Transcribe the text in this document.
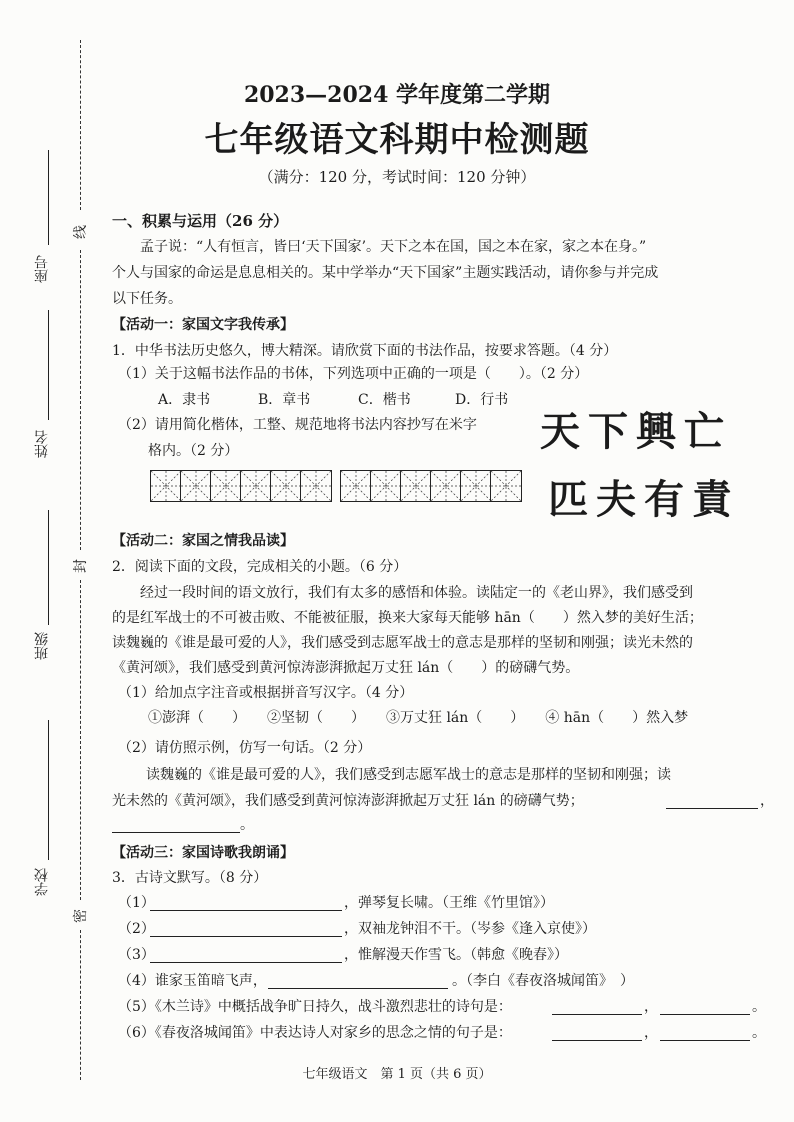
线
封
密
座号
姓名
班级
学校
2023—2024 学年度第二学期
七年级语文科期中检测题
（满分：120 分，考试时间：120 分钟）
一、积累与运用（26 分）
孟子说：“人有恒言，皆曰‘天下国家’。天下之本在国，国之本在家，家之本在身。”
个人与国家的命运是息息相关的。某中学举办“天下国家”主题实践活动，请你参与并完成
以下任务。
【活动一：家国文字我传承】
1．中华书法历史悠久，博大精深。请欣赏下面的书法作品，按要求答题。（4 分）
（1）关于这幅书法作品的书体，下列选项中正确的一项是（　　）。（2 分）
A．隶书	B．章书	C．楷书	D．行书
（2）请用简化楷体，工整、规范地将书法内容抄写在米字
格内。（2 分）	天下興亡
匹夫有責
【活动二：家国之情我品读】
2．阅读下面的文段，完成相关的小题。（6 分）
经过一段时间的语文放行，我们有太多的感悟和体验。读陆定一的《老山界》，我们感受到
的是红军战士的不可被击败、不能被征服，换来大家每天能够 hān（　　）然入梦的美好生活；
读魏巍的《谁是最可爱的人》，我们感受到志愿军战士的意志是那样的坚韧和刚强；读光未然的
《黄河颂》，我们感受到黄河惊涛澎湃掀起万丈狂 lán（　　）的磅礴气势。
（1）给加点字注音或根据拼音写汉字。（4 分）
①澎湃（　　）　　②坚韧（　　）　　③万丈狂 lán（　　）　　④ hān（　　）然入梦
（2）请仿照示例，仿写一句话。（2 分）
读魏巍的《谁是最可爱的人》，我们感受到志愿军战士的意志是那样的坚韧和刚强；读
光未然的《黄河颂》，我们感受到黄河惊涛澎湃掀起万丈狂 lán 的磅礴气势；	，
。
【活动三：家国诗歌我朗诵】
3．古诗文默写。（8 分）
（1）	，弹琴复长啸。（王维《竹里馆》）
（2）	，双袖龙钟泪不干。（岑参《逢入京使》）
（3）	，惟解漫天作雪飞。（韩愈《晚春》）
（4）谁家玉笛暗飞声，	。（李白《春夜洛城闻笛》　）
（5）《木兰诗》中概括战争旷日持久，战斗激烈悲壮的诗句是：	，	。
（6）《春夜洛城闻笛》中表达诗人对家乡的思念之情的句子是：	，	。
七年级语文　第 1 页（共 6 页）
